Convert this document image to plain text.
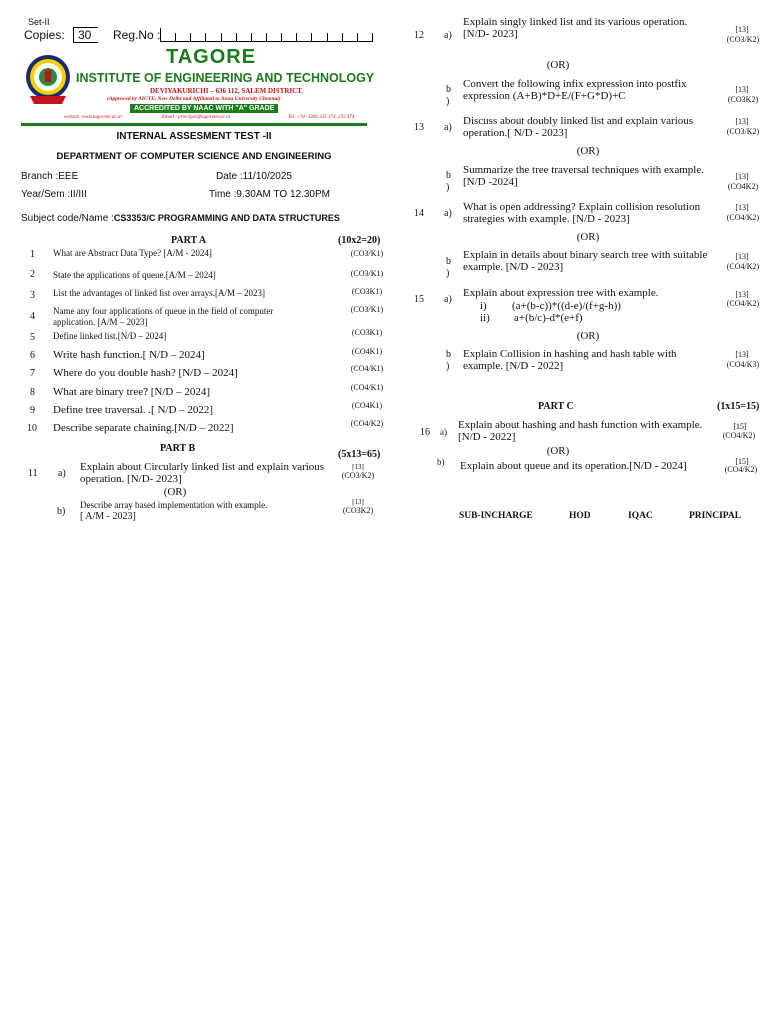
Set-II
Copies:	30	Reg.No :
TAGORE
INSTITUTE OF ENGINEERING AND TECHNOLOGY
DEVIYAKURICHI – 636 112, SALEM DISTRICT.
(Approved by AICTE, New Delhi and Affiliated to Anna University Chennai)
ACCREDITED BY NAAC WITH "A" GRADE
website: www.tagoreiet.ac.in	Email : principal@tagoreiet.ac.in	Tel: +91- 4282 235 374, 235 474
INTERNAL ASSESMENT TEST -II
DEPARTMENT OF COMPUTER SCIENCE AND ENGINEERING
Branch :EEE	Date :11/10/2025
Year/Sem :II/III	Time :9.30AM TO 12.30PM
Subject code/Name :CS3353/C PROGRAMMING AND DATA STRUCTURES
PART A	(10x2=20)
1 What are Abstract Data Type? [A/M - 2024]	(CO3/K1)
2 State the applications of queue.[A/M – 2024]	(CO3/K1)
3 List the advantages of linked list over arrays.[A/M – 2023]	(CO3K1)
4 Name any four applications of queue in the field of computer application. [A/M – 2023]
(CO3/K1)
5 Define linked list.[N/D – 2024]	(CO3K1)
6 Write hash function.[ N/D – 2024]	(CO4K1)
7 Where do you double hash? [N/D – 2024]	(CO4/K1)
8 What are binary tree? [N/D – 2024]	(CO4/K1)
9 Define tree traversal. .[ N/D – 2022]	(CO4K1)
10 Describe separate chaining.[N/D – 2022]	(CO4/K2)
PART B
(5x13=65)
11 a)
Explain about Circularly linked list and explain various operation. [N/D- 2023]
[13]
(CO3/K2)
(OR)
b)
Describe array based implementation with example.
[ A/M - 2023]
[13]
(CO3K2)
12 a)
Explain singly linked list and its various operation. [N/D- 2023]	[13]
(CO3/K2)
(OR)
b )
Convert the following infix expression into postfix expression (A+B)*D+E/(F+G*D)+C
[13]
(CO3K2)
13 a)
Discuss about doubly linked list and explain various operation.[ N/D - 2023]
[13]
(CO3/K2)
(OR)
b )
Summarize the tree traversal techniques with example. [N/D -2024]	[13]
(CO4K2)
14 a)
What is open addressing? Explain collision resolution strategies with example. [N/D - 2023]
[13]
(CO4/K2)
(OR)
b )
Explain in details about binary search tree with suitable example. [N/D - 2023]
[13]
(CO4/K2)
15 a)
Explain about expression tree with example.
i) (a+(b-c))*((d-e)/(f+g-h))
ii) a+(b/c)-d*(e+f)
[13]
(CO4/K2)
(OR)
b )
Explain Collision in hashing and hash table with example. [N/D - 2022]
[13]
(CO4/K3)
PART C	(1x15=15)
16 a)
Explain about hashing and hash function with example. [N/D - 2022]
[15]
(CO4/K2)
(OR)
b) Explain about queue and its operation.[N/D - 2024]	[15]
(CO4/K2)
SUB-INCHARGE	HOD	IQAC	PRINCIPAL
